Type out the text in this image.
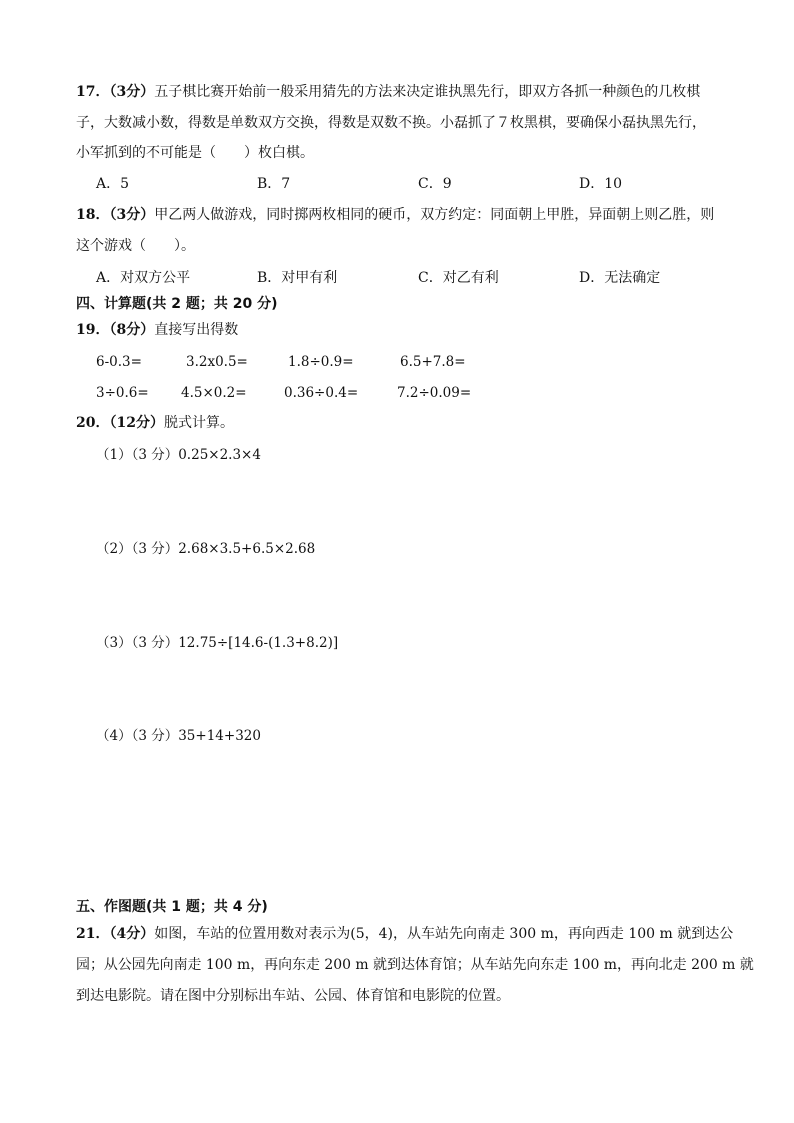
17．（3分）五子棋比赛开始前一般采用猜先的方法来决定谁执黑先行，即双方各抓一种颜色的几枚棋
子，大数减小数，得数是单数双方交换，得数是双数不换。小磊抓了７枚黑棋，要确保小磊执黑先行，
小军抓到的不可能是（　　）枚白棋。
A．5	B．7	C．9	D．10
18．（3分）甲乙两人做游戏，同时掷两枚相同的硬币，双方约定：同面朝上甲胜，异面朝上则乙胜，则
这个游戏（　　）。
A．对双方公平	B．对甲有利	C．对乙有利	D．无法确定
四、计算题(共 2 题；共 20 分)
19．（8分）直接写出得数
6-0.3=	3.2x0.5=	1.8÷0.9=	6.5+7.8=
3÷0.6= 4.5×0.2=	0.36÷0.4=	7.2÷0.09=
20．（12分）脱式计算。
（1）（3 分）0.25×2.3×4
（2）（3 分）2.68×3.5+6.5×2.68
（3）（3 分）12.75÷[14.6-(1.3+8.2)]
（4）（3 分）35+14+320
五、作图题(共 1 题；共 4 分)
21．（4分）如图，车站的位置用数对表示为(5，4)，从车站先向南走 300 m，再向西走 100 m 就到达公
园；从公园先向南走 100 m，再向东走 200 m 就到达体育馆；从车站先向东走 100 m，再向北走 200 m 就
到达电影院。请在图中分别标出车站、公园、体育馆和电影院的位置。
